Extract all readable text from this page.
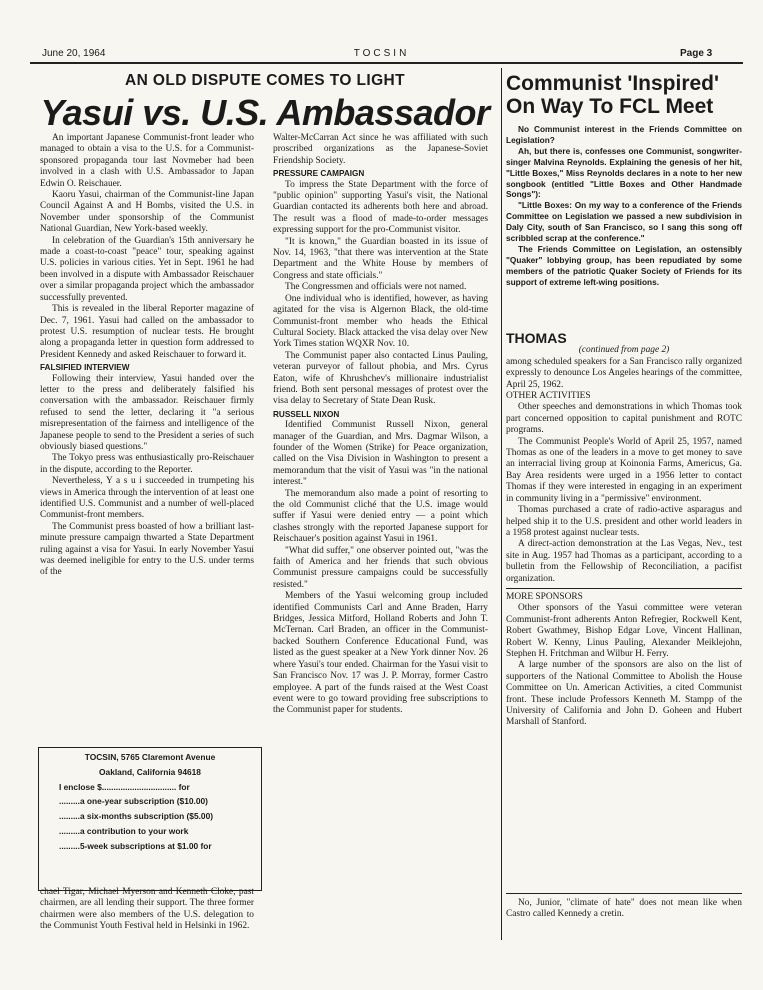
June 20, 1964	TOCSIN	Page 3
AN OLD DISPUTE COMES TO LIGHT
Yasui vs. U.S. Ambassador

An important Japanese Communist-front leader who managed to obtain a visa to the U.S. for a Communist-sponsored propaganda tour last Novmeber had been involved in a clash with U.S. Ambassador to Japan Edwin O. Reischauer.

Kaoru Yasui, chairman of the Communist-line Japan Council Against A and H Bombs, visited the U.S. in November under sponsorship of the Communist National Guardian, New York-based weekly.

In celebration of the Guardian's 15th anniversary he made a coast-to-coast "peace" tour, speaking against U.S. policies in various cities. Yet in Sept. 1961 he had been involved in a dispute with Ambassador Reischauer over a similar propaganda project which the ambassador successfully prevented.

This is revealed in the liberal Reporter magazine of Dec. 7, 1961. Yasui had called on the ambassador to protest U.S. resumption of nuclear tests. He brought along a propaganda letter in question form addressed to President Kennedy and asked Reischauer to forward it.

FALSIFIED INTERVIEW

Following their interview, Yasui handed over the letter to the press and deliberately falsified his conversation with the ambassador. Reischauer firmly refused to send the letter, declaring it "a serious misrepresentation of the fairness and intelligence of the Japanese people to send to the President a series of such obviously biased questions."

The Tokyo press was enthusiastically pro-Reischauer in the dispute, according to the Reporter.

Nevertheless, Y a s u i succeeded in trumpeting his views in America through the intervention of at least one identified U.S. Communist and a number of well-placed Communist-front members.

The Communist press boasted of how a brilliant last-minute pressure campaign thwarted a State Department ruling against a visa for Yasui. In early November Yasui was deemed ineligible for entry to the U.S. under terms of the

TOCSIN, 5765 Claremont Avenue
Oakland, California 94618
I enclose $................................ for
.........a one-year subscription ($10.00)
.........a six-months subscription ($5.00)
.........a contribution to your work
.........5-week subscriptions at $1.00 for

chael Tigar, Michael Myerson and Kenneth Cloke, past chairmen, are all lending their support. The three former chairmen were also members of the U.S. delegation to the Communist Youth Festival held in Helsinki in 1962.

Walter-McCarran Act since he was affiliated with such proscribed organizations as the Japanese-Soviet Friendship Society.

PRESSURE CAMPAIGN

To impress the State Department with the force of "public opinion" supporting Yasui's visit, the National Guardian contacted its adherents both here and abroad. The result was a flood of made-to-order messages expressing support for the pro-Communist visitor.

"It is known," the Guardian boasted in its issue of Nov. 14, 1963, "that there was intervention at the State Department and the White House by members of Congress and state officials."

The Congressmen and officials were not named.

One individual who is identified, however, as having agitated for the visa is Algernon Black, the old-time Communist-front member who heads the Ethical Cultural Society. Black attacked the visa delay over New York Times station WQXR Nov. 10.

The Communist paper also contacted Linus Pauling, veteran purveyor of fallout phobia, and Mrs. Cyrus Eaton, wife of Khrushchev's millionaire industrialist friend. Both sent personal messages of protest over the visa delay to Secretary of State Dean Rusk.

RUSSELL NIXON

Identified Communist Russell Nixon, general manager of the Guardian, and Mrs. Dagmar Wilson, a founder of the Women (Strike) for Peace organization, called on the Visa Division in Washington to present a memorandum that the visit of Yasui was "in the national interest."

The memorandum also made a point of resorting to the old Communist cliché that the U.S. image would suffer if Yasui were denied entry — a point which clashes strongly with the reported Japanese support for Reischauer's position against Yasui in 1961.

"What did suffer," one observer pointed out, "was the faith of America and her friends that such obvious Communist pressure campaigns could be successfully resisted."

Members of the Yasui welcoming group included identified Communists Carl and Anne Braden, Harry Bridges, Jessica Mitford, Holland Roberts and John T. McTernan. Carl Braden, an officer in the Communist-backed Southern Conference Educational Fund, was listed as the guest speaker at a New York dinner Nov. 26 where Yasui's tour ended. Chairman for the Yasui visit to San Francisco Nov. 17 was J. P. Morray, former Castro employee. A part of the funds raised at the West Coast event were to go toward providing free subscriptions to the Communist paper for students.

Communist 'Inspired' On Way To FCL Meet

No Communist interest in the Friends Committee on Legislation?

Ah, but there is, confesses one Communist, songwriter-singer Malvina Reynolds. Explaining the genesis of her hit, "Little Boxes," Miss Reynolds declares in a note to her new songbook (entitled "Little Boxes and Other Handmade Songs"):

"Little Boxes: On my way to a conference of the Friends Committee on Legislation we passed a new subdivision in Daly City, south of San Francisco, so I sang this song off scribbled scrap at the conference."

The Friends Committee on Legislation, an ostensibly "Quaker" lobbying group, has been repudiated by some members of the patriotic Quaker Society of Friends for its support of extreme left-wing positions.

THOMAS

(continued from page 2)

among scheduled speakers for a San Francisco rally organized expressly to denounce Los Angeles hearings of the committee, April 25, 1962.

OTHER ACTIVITIES

Other speeches and demonstrations in which Thomas took part concerned opposition to capital punishment and ROTC programs.

The Communist People's World of April 25, 1957, named Thomas as one of the leaders in a move to get money to save an interracial living group at Koinonia Farms, Americus, Ga. Bay Area residents were urged in a 1956 letter to contact Thomas if they were interested in engaging in an experiment in community living in a "permissive" environment.

Thomas purchased a crate of radio-active asparagus and helped ship it to the U.S. president and other world leaders in a 1958 protest against nuclear tests.

A direct-action demonstration at the Las Vegas, Nev., test site in Aug. 1957 had Thomas as a participant, according to a bulletin from the Fellowship of Reconciliation, a pacifist organization.

MORE SPONSORS

Other sponsors of the Yasui committee were veteran Communist-front adherents Anton Refregier, Rockwell Kent, Robert Gwathmey, Bishop Edgar Love, Vincent Hallinan, Robert W. Kenny, Linus Pauling, Alexander Meiklejohn, Stephen H. Fritchman and Wilbur H. Ferry.

A large number of the sponsors are also on the list of supporters of the National Committee to Abolish the House Committee on Un. American Activities, a cited Communist front. These include Professors Kenneth M. Stampp of the University of California and John D. Goheen and Hubert Marshall of Stanford.

No, Junior, "climate of hate" does not mean like when Castro called Kennedy a cretin.
